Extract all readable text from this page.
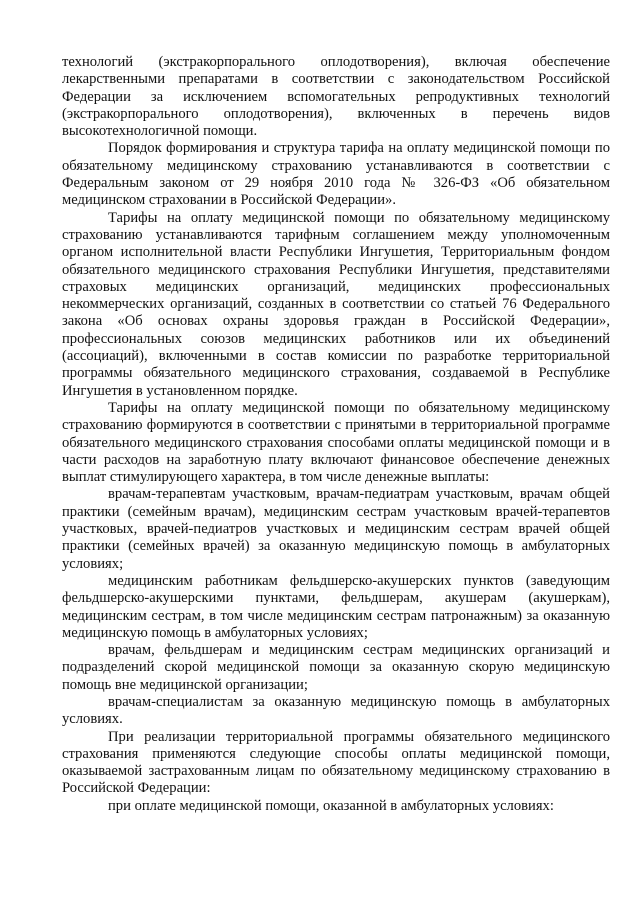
технологий (экстракорпорального оплодотворения), включая обеспечение лекарственными препаратами в соответствии с законодательством Российской Федерации за исключением вспомогательных репродуктивных технологий (экстракорпорального оплодотворения), включенных в перечень видов высокотехнологичной помощи.

Порядок формирования и структура тарифа на оплату медицинской помощи по обязательному медицинскому страхованию устанавливаются в соответствии с Федеральным законом от 29 ноября 2010 года № 326-ФЗ «Об обязательном медицинском страховании в Российской Федерации».

Тарифы на оплату медицинской помощи по обязательному медицинскому страхованию устанавливаются тарифным соглашением между уполномоченным органом исполнительной власти Республики Ингушетия, Территориальным фондом обязательного медицинского страхования Республики Ингушетия, представителями страховых медицинских организаций, медицинских профессиональных некоммерческих организаций, созданных в соответствии со статьей 76 Федерального закона «Об основах охраны здоровья граждан в Российской Федерации», профессиональных союзов медицинских работников или их объединений (ассоциаций), включенными в состав комиссии по разработке территориальной программы обязательного медицинского страхования, создаваемой в Республике Ингушетия в установленном порядке.

Тарифы на оплату медицинской помощи по обязательному медицинскому страхованию формируются в соответствии с принятыми в территориальной программе обязательного медицинского страхования способами оплаты медицинской помощи и в части расходов на заработную плату включают финансовое обеспечение денежных выплат стимулирующего характера, в том числе денежные выплаты:

врачам-терапевтам участковым, врачам-педиатрам участковым, врачам общей практики (семейным врачам), медицинским сестрам участковым врачей-терапевтов участковых, врачей-педиатров участковых и медицинским сестрам врачей общей практики (семейных врачей) за оказанную медицинскую помощь в амбулаторных условиях;

медицинским работникам фельдшерско-акушерских пунктов (заведующим фельдшерско-акушерскими пунктами, фельдшерам, акушерам (акушеркам), медицинским сестрам, в том числе медицинским сестрам патронажным) за оказанную медицинскую помощь в амбулаторных условиях;

врачам, фельдшерам и медицинским сестрам медицинских организаций и подразделений скорой медицинской помощи за оказанную скорую медицинскую помощь вне медицинской организации;

врачам-специалистам за оказанную медицинскую помощь в амбулаторных условиях.

При реализации территориальной программы обязательного медицинского страхования применяются следующие способы оплаты медицинской помощи, оказываемой застрахованным лицам по обязательному медицинскому страхованию в Российской Федерации:

при оплате медицинской помощи, оказанной в амбулаторных условиях:
